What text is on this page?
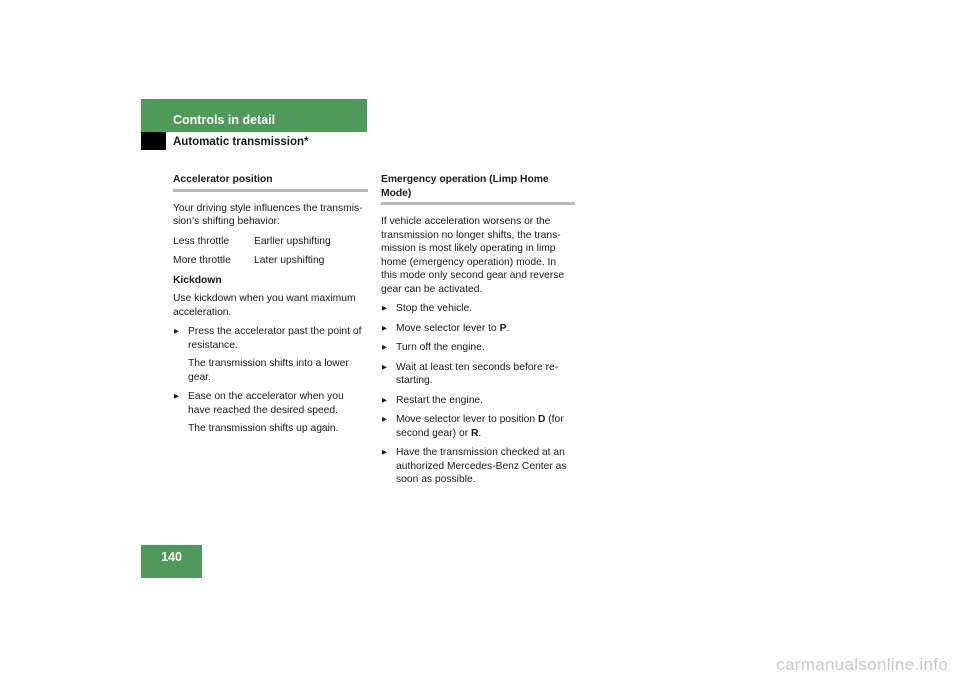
Controls in detail
Automatic transmission*
Accelerator position

Your driving style influences the transmis-sion’s shifting behavior:

Less throttle	Earlier upshifting
More throttle	Later upshifting
Kickdown

Use kickdown when you want maximum acceleration.

▶ Press the accelerator past the point of resistance.
The transmission shifts into a lower gear.
▶ Ease on the accelerator when you have reached the desired speed.
The transmission shifts up again.
Emergency operation (Limp Home Mode)

If vehicle acceleration worsens or the transmission no longer shifts, the trans-mission is most likely operating in limp home (emergency operation) mode. In this mode only second gear and reverse gear can be activated.

▶ Stop the vehicle.
▶ Move selector lever to P.
▶ Turn off the engine.
▶ Wait at least ten seconds before re-starting.
▶ Restart the engine.
▶ Move selector lever to position D (for second gear) or R.
▶ Have the transmission checked at an authorized Mercedes-Benz Center as soon as possible.
140
carmanualsonline.info
